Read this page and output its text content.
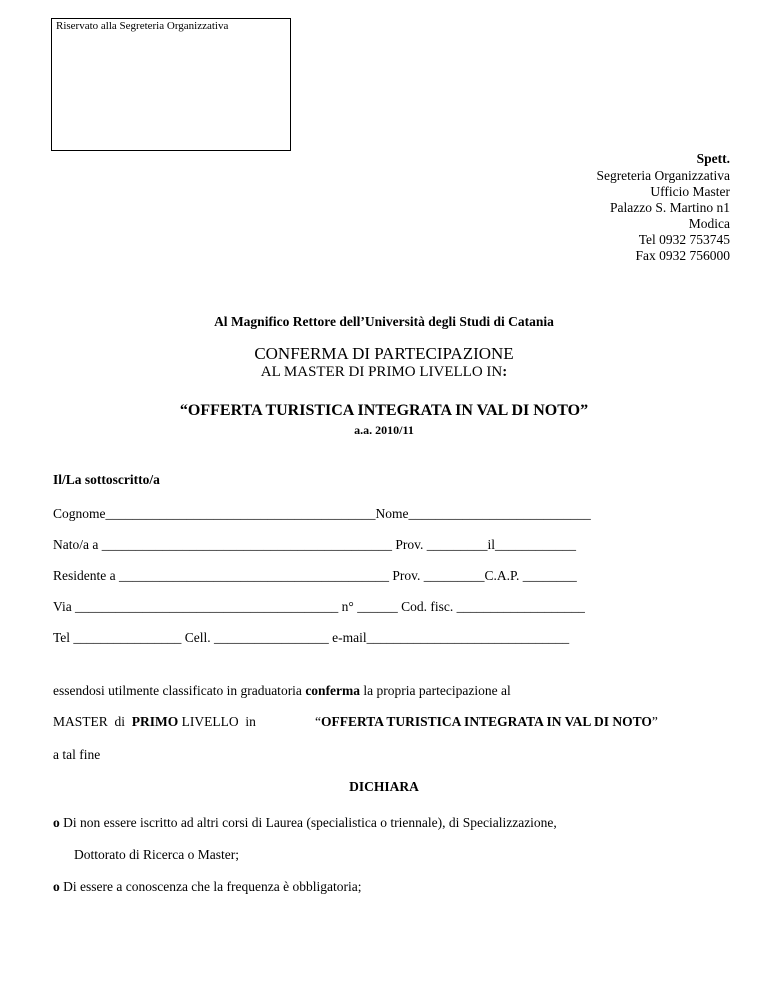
Riservato alla Segreteria Organizzativa
Spett.
Segreteria Organizzativa
Ufficio Master
Palazzo S. Martino n1
Modica
Tel 0932 753745
Fax 0932 756000
Al Magnifico Rettore dell’Università degli Studi di Catania
CONFERMA DI PARTECIPAZIONE
AL MASTER DI PRIMO LIVELLO IN:
“OFFERTA TURISTICA INTEGRATA IN VAL DI NOTO”
a.a. 2010/11
Il/La sottoscritto/a
Cognome________________________________________Nome___________________________
Nato/a a ___________________________________________ Prov. _________il____________
Residente a ________________________________________ Prov. _________C.A.P. ________
Via _______________________________________ n° ______ Cod. fisc. ___________________
Tel ________________ Cell. _________________ e-mail______________________________
essendosi utilmente classificato in graduatoria conferma la propria partecipazione al
MASTER  di  PRIMO LIVELLO  in	“OFFERTA TURISTICA INTEGRATA IN VAL DI NOTO”
a tal fine
DICHIARA
o Di non essere iscritto ad altri corsi di Laurea (specialistica o triennale), di Specializzazione,
Dottorato di Ricerca o Master;
o Di essere a conoscenza che la frequenza è obbligatoria;
